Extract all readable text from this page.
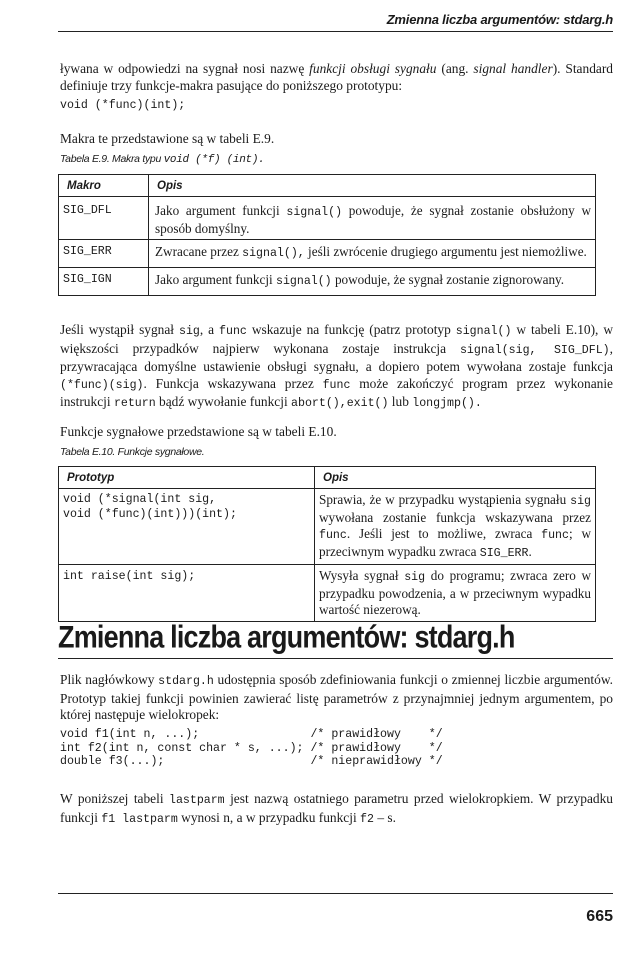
Zmienna liczba argumentów: stdarg.h

ływana w odpowiedzi na sygnał nosi nazwę funkcji obsługi sygnału (ang. signal handler). Standard definiuje trzy funkcje-makra pasujące do poniższego prototypu:

void (*func)(int);
Makra te przedstawione są w tabeli E.9.
Tabela E.9. Makra typu void (*f) (int).
Makro	Opis
SIG_DFL	Jako argument funkcji signal() powoduje, że sygnał zostanie obsłużony w sposób domyślny.
SIG_ERR	Zwracane przez signal(), jeśli zwrócenie drugiego argumentu jest niemożliwe.
SIG_IGN	Jako argument funkcji signal() powoduje, że sygnał zostanie zignorowany.

Jeśli wystąpił sygnał sig, a func wskazuje na funkcję (patrz prototyp signal() w tabeli E.10), w większości przypadków najpierw wykonana zostaje instrukcja signal(sig, SIG_DFL), przywracająca domyślne ustawienie obsługi sygnału, a dopiero potem wywołana zostaje funkcja (*func)(sig). Funkcja wskazywana przez func może zakończyć program przez wykonanie instrukcji return bądź wywołanie funkcji abort(),exit() lub longjmp().

Funkcje sygnałowe przedstawione są w tabeli E.10.
Tabela E.10. Funkcje sygnałowe.
Prototyp	Opis

void (*signal(int sig,
void (*func)(int)))(int);	Sprawia, że w przypadku wystąpienia sygnału sig wywołana zostanie funkcja wskazywana przez func. Jeśli jest to możliwe, zwraca func; w przeciwnym wypadku zwraca SIG_ERR.

int raise(int sig);	Wysyła sygnał sig do programu; zwraca zero w przypadku powodzenia, a w przeciwnym wypadku wartość niezerową.
Zmienna liczba argumentów: stdarg.h

Plik nagłówkowy stdarg.h udostępnia sposób zdefiniowania funkcji o zmiennej liczbie argumentów. Prototyp takiej funkcji powinien zawierać listę parametrów z przynajmniej jednym argumentem, po której następuje wielokropek:

void f1(int n, ...);                /* prawidłowy    */
int f2(int n, const char * s, ...); /* prawidłowy    */
double f3(...);                     /* nieprawidłowy */

W poniższej tabeli lastparm jest nazwą ostatniego parametru przed wielokropkiem. W przypadku funkcji f1 lastparm wynosi n, a w przypadku funkcji f2 – s.

665
